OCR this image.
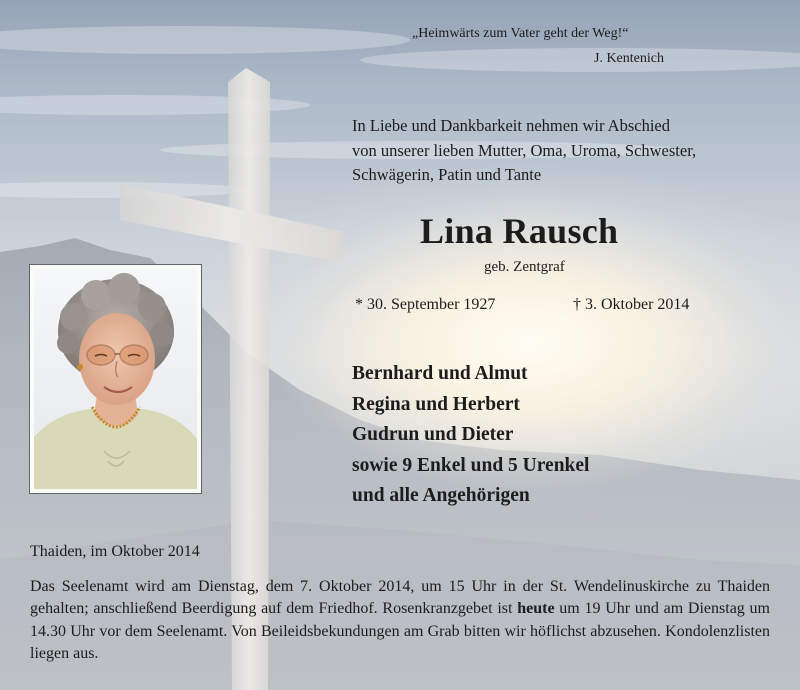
„Heimwärts zum Vater geht der Weg!“
J. Kentenich
In Liebe und Dankbarkeit nehmen wir Abschied
von unserer lieben Mutter, Oma, Uroma, Schwester,
Schwägerin, Patin und Tante
Lina Rausch
geb. Zentgraf
* 30. September 1927	† 3. Oktober 2014
Bernhard und Almut
Regina und Herbert
Gudrun und Dieter
sowie 9 Enkel und 5 Urenkel
und alle Angehörigen
Thaiden, im Oktober 2014
Das Seelenamt wird am Dienstag, dem 7. Oktober 2014, um 15 Uhr in der St. Wendelinuskirche zu Thaiden gehalten; anschließend Beerdigung auf dem Friedhof. Rosenkranzgebet ist heute um 19 Uhr und am Dienstag um 14.30 Uhr vor dem Seelenamt. Von Beileidsbekundungen am Grab bitten wir höflichst abzusehen. Kondolenzlisten liegen aus.
